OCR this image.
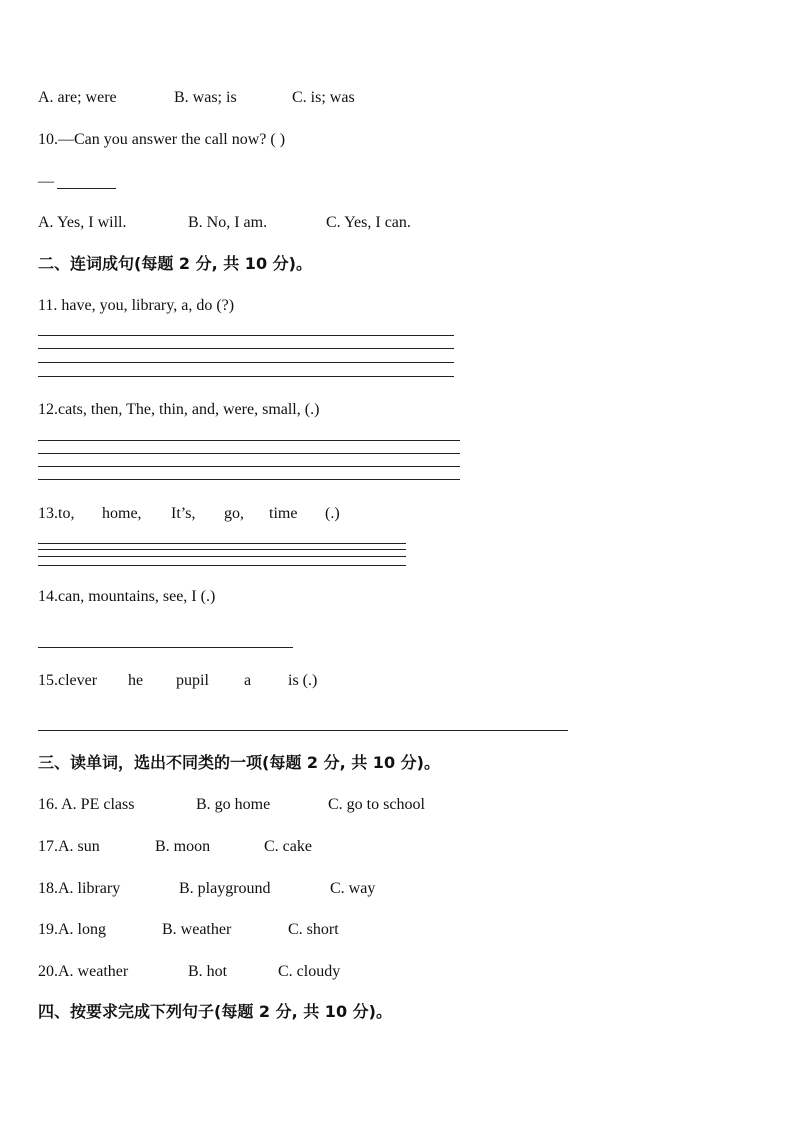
A. are; were	B. was; is	C. is; was
10.—Can you answer the call now? ( )
—
A. Yes, I will.	B. No, I am.	C. Yes, I can.
二、连词成句(每题 2 分, 共 10 分)。
11. have, you, library, a, do (?)
12.cats, then, The, thin, and, were, small, (.)
13.to, home, It’s, go, time (.)
14.can, mountains, see, I (.)
15.clever he pupil a is (.)
三、读单词，选出不同类的一项(每题 2 分, 共 10 分)。
16. A. PE class	B. go home	C. go to school
17.A. sun	B. moon	C. cake
18.A. library	B. playground	C. way
19.A. long	B. weather	C. short
20.A. weather	B. hot	C. cloudy
四、按要求完成下列句子(每题 2 分, 共 10 分)。
